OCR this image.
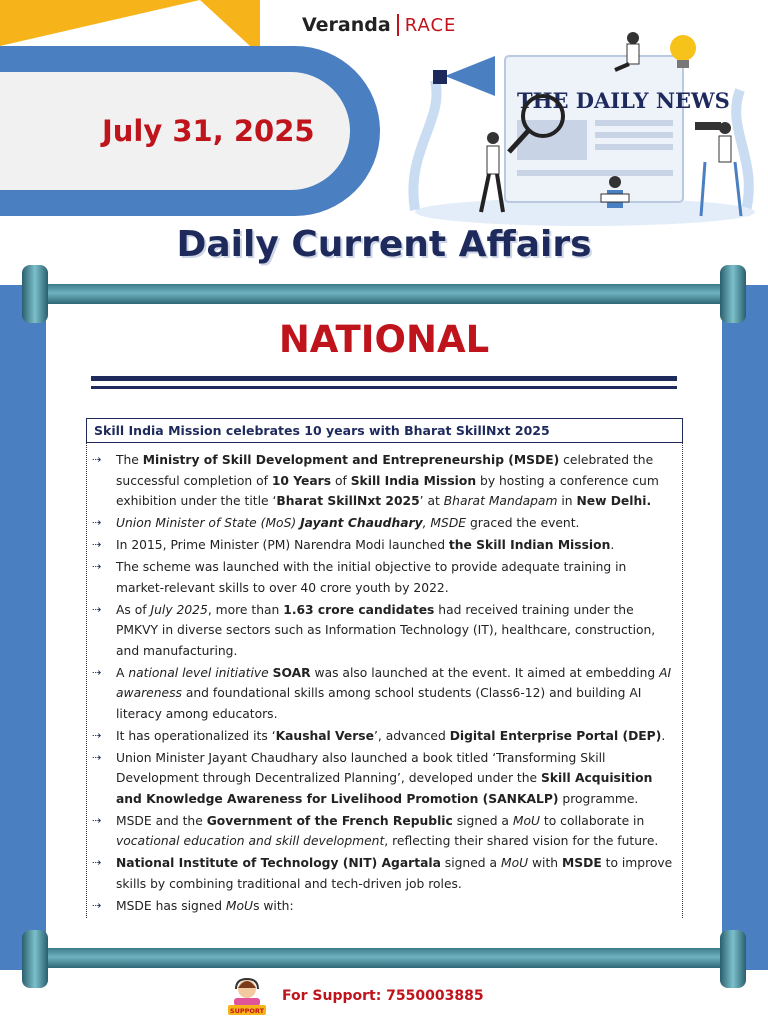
July 31, 2025
Veranda RACE
THE DAILY NEWS
Daily Current Affairs
NATIONAL
Skill India Mission celebrates 10 years with Bharat SkillNxt 2025
⇢ The Ministry of Skill Development and Entrepreneurship (MSDE) celebrated the successful completion of 10 Years of Skill India Mission by hosting a conference cum exhibition under the title ‘Bharat SkillNxt 2025’ at Bharat Mandapam in New Delhi.
⇢ Union Minister of State (MoS) Jayant Chaudhary, MSDE graced the event.
⇢ In 2015, Prime Minister (PM) Narendra Modi launched the Skill Indian Mission.
⇢ The scheme was launched with the initial objective to provide adequate training in market-relevant skills to over 40 crore youth by 2022.
⇢ As of July 2025, more than 1.63 crore candidates had received training under the PMKVY in diverse sectors such as Information Technology (IT), healthcare, construction, and manufacturing.
⇢ A national level initiative SOAR was also launched at the event. It aimed at embedding AI awareness and foundational skills among school students (Class6-12) and building AI literacy among educators.
⇢ It has operationalized its ‘Kaushal Verse’, advanced Digital Enterprise Portal (DEP).
⇢ Union Minister Jayant Chaudhary also launched a book titled ‘Transforming Skill Development through Decentralized Planning’, developed under the Skill Acquisition and Knowledge Awareness for Livelihood Promotion (SANKALP) programme.
⇢ MSDE and the Government of the French Republic signed a MoU to collaborate in vocational education and skill development, reflecting their shared vision for the future.
⇢ National Institute of Technology (NIT) Agartala signed a MoU with MSDE to improve skills by combining traditional and tech-driven job roles.
⇢ MSDE has signed MoUs with:
SUPPORT
For Support: 7550003885
